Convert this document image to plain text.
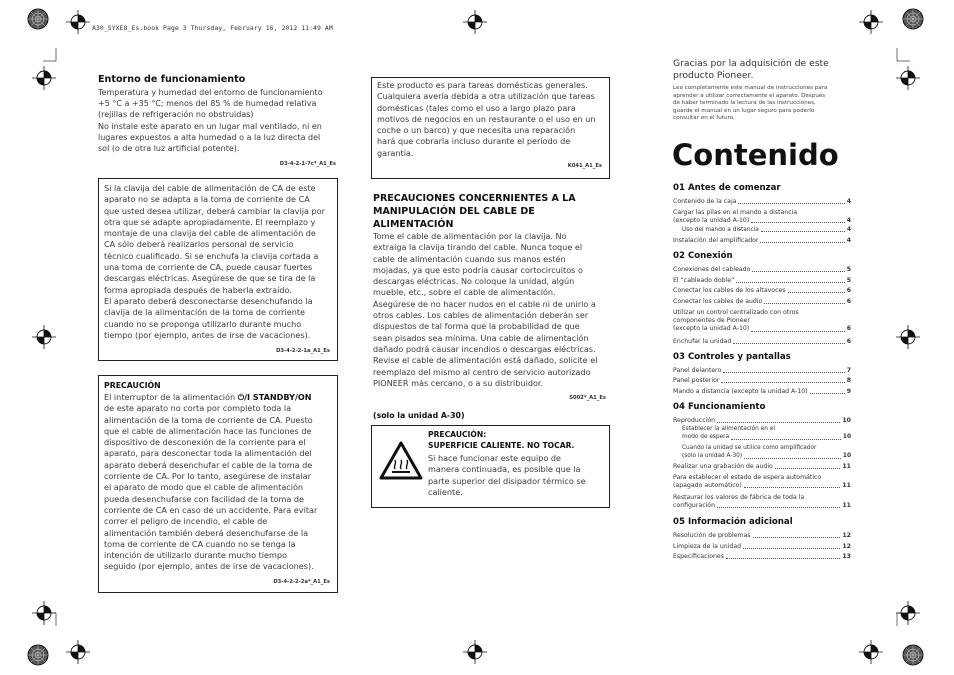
A30_SYXE8_Es.book Page 3 Thursday, February 16, 2012 11:49 AM
Entorno de funcionamiento
Temperatura y humedad del entorno de funcionamiento
+5 °C a +35 °C; menos del 85 % de humedad relativa
(rejillas de refrigeración no obstruidas)
No instale este aparato en un lugar mal ventilado, ni en
lugares expuestos a alta humedad o a la luz directa del
sol (o de otra luz artificial potente).
D3-4-2-1-7c*_A1_Es
Si la clavija del cable de alimentación de CA de este
aparato no se adapta a la toma de corriente de CA
que usted desea utilizar, deberá cambiar la clavija por
otra que se adapte apropiadamente. El reemplazo y
montaje de una clavija del cable de alimentación de
CA sólo deberá realizarlos personal de servicio
técnico cualificado. Si se enchufa la clavija cortada a
una toma de corriente de CA, puede causar fuertes
descargas eléctricas. Asegúrese de que se tira de la
forma apropiada después de haberla extraído.
El aparato deberá desconectarse desenchufando la
clavija de la alimentación de la toma de corriente
cuando no se proponga utilizarlo durante mucho
tiempo (por ejemplo, antes de irse de vacaciones).
D3-4-2-2-1a_A1_Es
PRECAUCIÓN
El interruptor de la alimentación ⏻/I STANDBY/ON
de este aparato no corta por completo toda la
alimentación de la toma de corriente de CA. Puesto
que el cable de alimentación hace las funciones de
dispositivo de desconexión de la corriente para el
aparato, para desconectar toda la alimentación del
aparato deberá desenchufar el cable de la toma de
corriente de CA. Por lo tanto, asegúrese de instalar
el aparato de modo que el cable de alimentación
pueda desenchufarse con facilidad de la toma de
corriente de CA en caso de un accidente. Para evitar
correr el peligro de incendio, el cable de
alimentación también deberá desenchufarse de la
toma de corriente de CA cuando no se tenga la
intención de utilizarlo durante mucho tiempo
seguido (por ejemplo, antes de irse de vacaciones).
D3-4-2-2-2a*_A1_Es
Este producto es para tareas domésticas generales.
Cualquiera avería debida a otra utilización que tareas
domésticas (tales como el uso a largo plazo para
motivos de negocios en un restaurante o el uso en un
coche o un barco) y que necesita una reparación
hará que cobrarla incluso durante el período de
garantía.
K041_A1_Es
PRECAUCIONES CONCERNIENTES A LA
MANIPULACIÓN DEL CABLE DE
ALIMENTACIÓN
Tome el cable de alimentación por la clavija. No
extraiga la clavija tirando del cable. Nunca toque el
cable de alimentación cuando sus manos estén
mojadas, ya que esto podría causar cortocircuitos o
descargas eléctricas. No coloque la unidad, algún
mueble, etc., sobre el cable de alimentación.
Asegúrese de no hacer nudos en el cable ni de unirlo a
otros cables. Los cables de alimentación deberán ser
dispuestos de tal forma que la probabilidad de que
sean pisados sea mínima. Una cable de alimentación
dañado podrá causar incendios o descargas eléctricas.
Revise el cable de alimentación está dañado, solicite el
reemplazo del mismo al centro de servicio autorizado
PIONEER más cercano, o a su distribuidor.
S002*_A1_Es
(solo la unidad A-30)
PRECAUCIÓN:
SUPERFICIE CALIENTE. NO TOCAR.
Si hace funcionar este equipo de
manera continuada, es posible que la
parte superior del disipador térmico se
caliente.
Gracias por la adquisición de este
producto Pioneer.
Lea completamente este manual de instrucciones para
aprender a utilizar correctamente el aparato. Después
de haber terminado la lectura de las instrucciones,
guarde el manual en un lugar seguro para poderlo
consultar en el futuro.
Contenido
01 Antes de comenzar
Contenido de la caja	4
Cargar las pilas en el mando a distancia
(excepto la unidad A-10)	4
Uso del mando a distancia	4
Instalación del amplificador	4
02 Conexión
Conexiones del cableado	5
El “cableado doble”	5
Conectar los cables de los altavoces	6
Conectar los cables de audio	6
Utilizar un control centralizado con otros
componentes de Pioneer
(excepto la unidad A-10)	6
Enchufar la unidad	6
03 Controles y pantallas
Panel delantero	7
Panel posterior	8
Mando a distancia (excepto la unidad A-10)	9
04 Funcionamiento
Reproducción	10
Establecer la alimentación en el
modo de espera	10
Cuando la unidad se utilice como amplificador
(solo la unidad A-30)	10
Realizar una grabación de audio	11
Para establecer el estado de espera automático
(apagado automático)	11
Restaurar los valores de fábrica de toda la
configuración	11
05 Información adicional
Resolución de problemas	12
Limpieza de la unidad	12
Especificaciones	13
